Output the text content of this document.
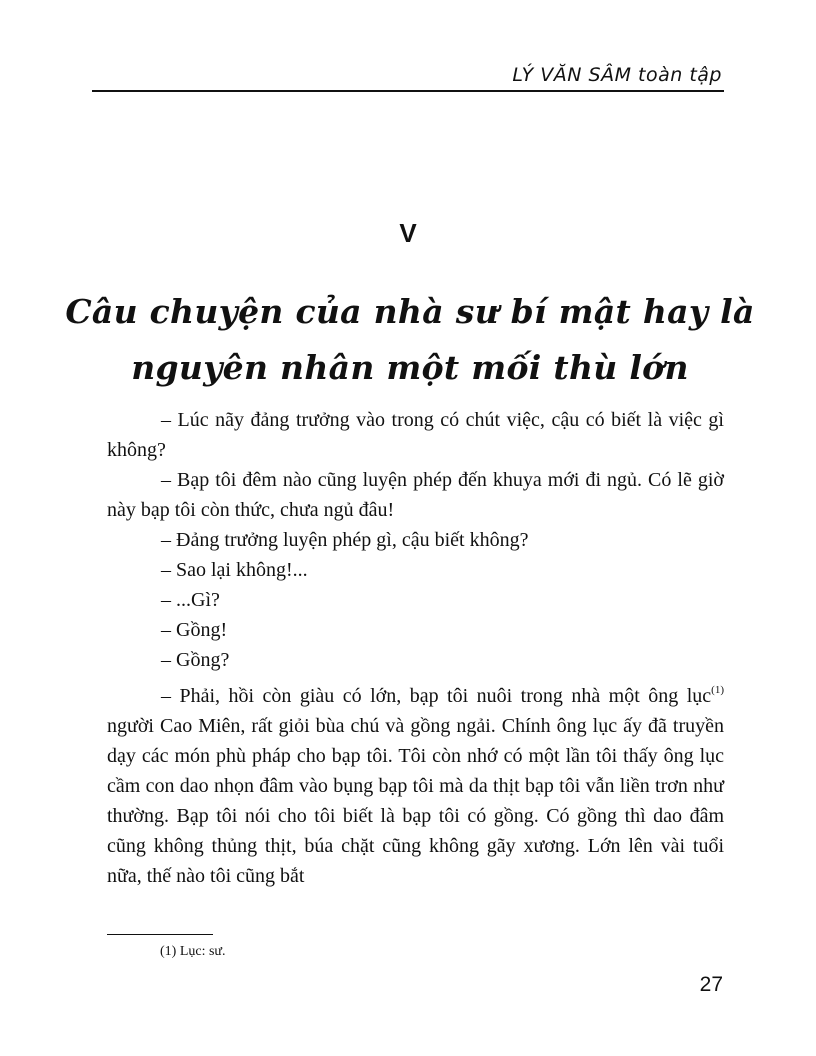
LÝ VĂN SÂM toàn tập
V
Câu chuyện của nhà sư bí mật hay là
nguyên nhân một mối thù lớn

– Lúc nãy đảng trưởng vào trong có chút việc, cậu có biết là việc gì không?

– Bạp tôi đêm nào cũng luyện phép đến khuya mới đi ngủ. Có lẽ giờ này bạp tôi còn thức, chưa ngủ đâu!

– Đảng trưởng luyện phép gì, cậu biết không?

– Sao lại không!...

– ...Gì?

– Gồng!

– Gồng?

– Phải, hồi còn giàu có lớn, bạp tôi nuôi trong nhà một ông lục$^{(1)}$ người Cao Miên, rất giỏi bùa chú và gồng ngải. Chính ông lục ấy đã truyền dạy các món phù pháp cho bạp tôi. Tôi còn nhớ có một lần tôi thấy ông lục cầm con dao nhọn đâm vào bụng bạp tôi mà da thịt bạp tôi vẫn liền trơn như thường. Bạp tôi nói cho tôi biết là bạp tôi có gồng. Có gồng thì dao đâm cũng không thủng thịt, búa chặt cũng không gãy xương. Lớn lên vài tuổi nữa, thế nào tôi cũng bắt

(1) Lục: sư.
27
